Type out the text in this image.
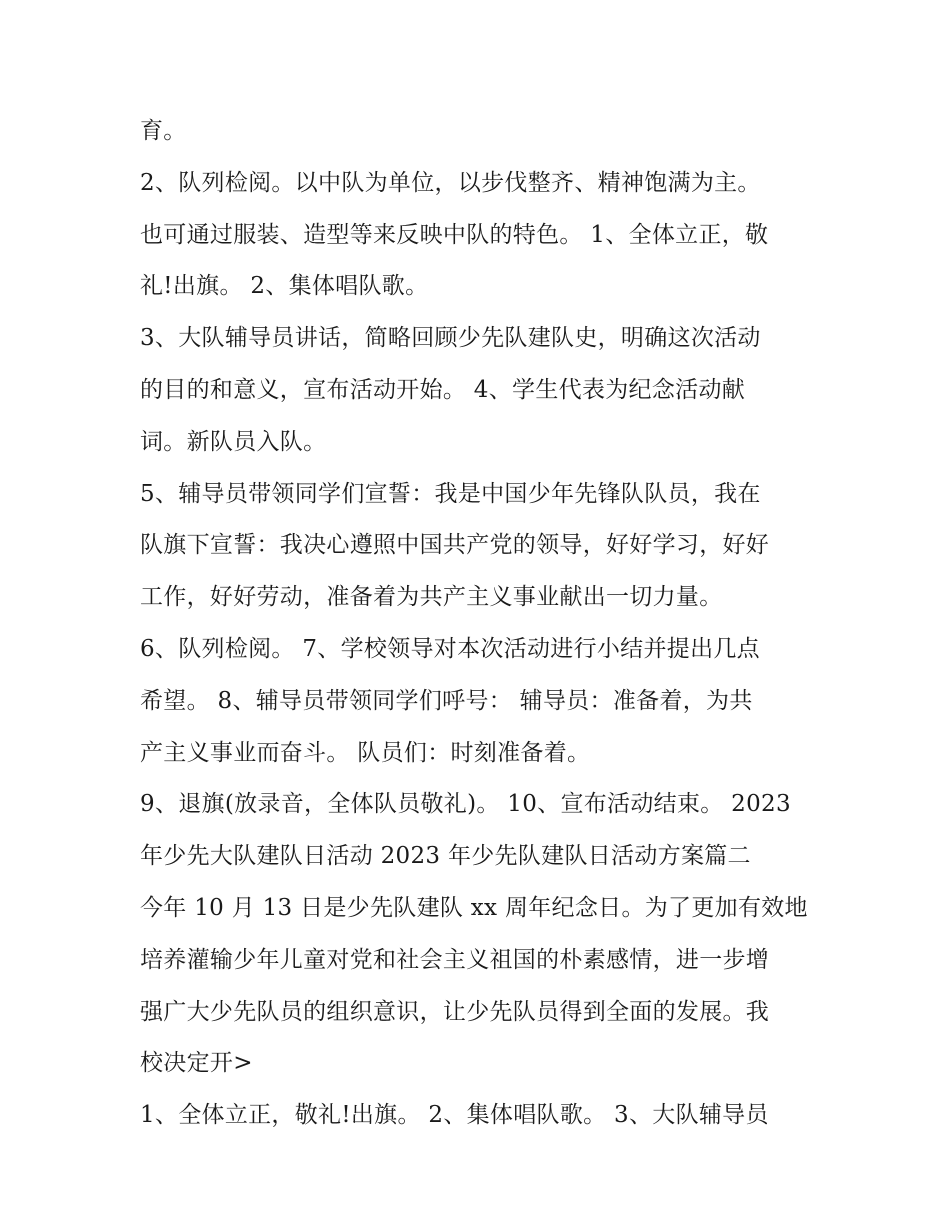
育。
2、队列检阅。以中队为单位，以步伐整齐、精神饱满为主。
也可通过服装、造型等来反映中队的特色。 1、全体立正，敬
礼!出旗。 2、集体唱队歌。
3、大队辅导员讲话，简略回顾少先队建队史，明确这次活动
的目的和意义，宣布活动开始。 4、学生代表为纪念活动献
词。新队员入队。
5、辅导员带领同学们宣誓：我是中国少年先锋队队员，我在
队旗下宣誓：我决心遵照中国共产党的领导，好好学习，好好
工作，好好劳动，准备着为共产主义事业献出一切力量。
6、队列检阅。 7、学校领导对本次活动进行小结并提出几点
希望。 8、辅导员带领同学们呼号： 辅导员：准备着，为共
产主义事业而奋斗。 队员们：时刻准备着。
9、退旗(放录音，全体队员敬礼)。 10、宣布活动结束。 2023
年少先大队建队日活动 2023 年少先队建队日活动方案篇二
今年 10 月 13 日是少先队建队 xx 周年纪念日。为了更加有效地
培养灌输少年儿童对党和社会主义祖国的朴素感情，进一步增
强广大少先队员的组织意识，让少先队员得到全面的发展。我
校决定开>
1、全体立正，敬礼!出旗。 2、集体唱队歌。 3、大队辅导员
